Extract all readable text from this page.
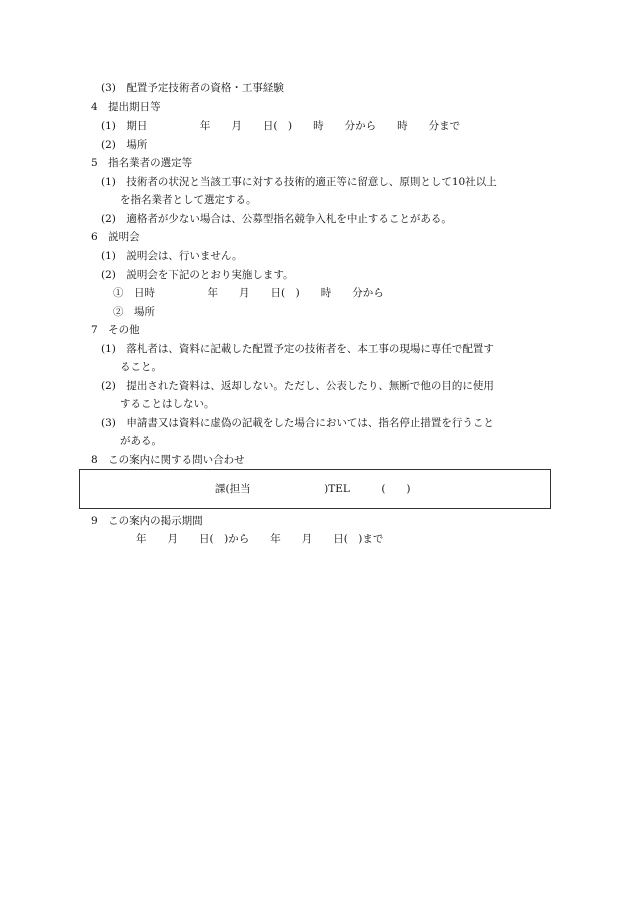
(3)　配置予定技術者の資格・工事経験
4　提出期日等
(1)　期日　　　　　年　　月　　日(　)　　時　　分から　　時　　分まで
(2)　場所
5　指名業者の選定等
(1)　技術者の状況と当該工事に対する技術的適正等に留意し、原則として10社以上
を指名業者として選定する。
(2)　適格者が少ない場合は、公募型指名競争入札を中止することがある。
6　説明会
(1)　説明会は、行いません。
(2)　説明会を下記のとおり実施します。
①　日時　　　　　年　　月　　日(　)　　時　　分から
②　場所
7　その他
(1)　落札者は、資料に記載した配置予定の技術者を、本工事の現場に専任で配置す
ること。
(2)　提出された資料は、返却しない。ただし、公表したり、無断で他の目的に使用
することはしない。
(3)　申請書又は資料に虚偽の記載をした場合においては、指名停止措置を行うこと
がある。
8　この案内に関する問い合わせ
課(担当　　　　　　　)TEL　　　(　　)
9　この案内の掲示期間
年　　月　　日(　)から　　年　　月　　日(　)まで
